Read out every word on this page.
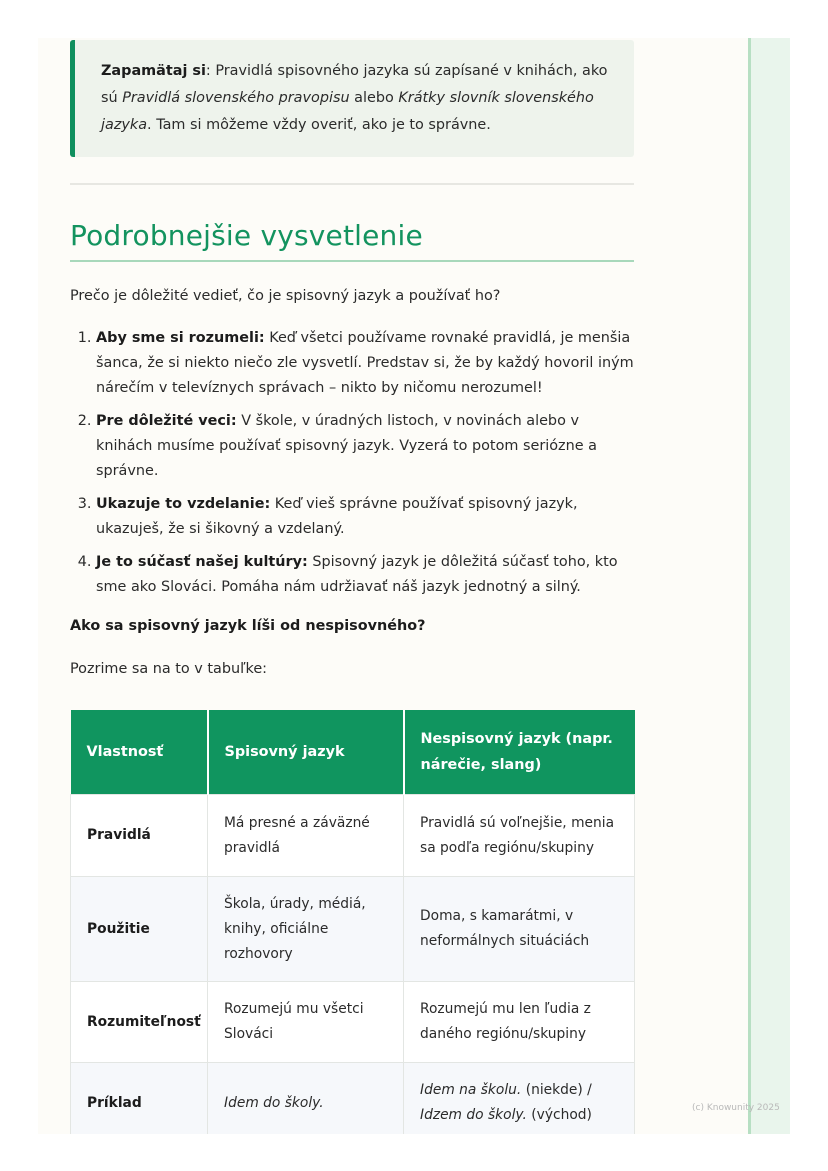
Zapamätaj si: Pravidlá spisovného jazyka sú zapísané v knihách, ako sú Pravidlá slovenského pravopisu alebo Krátky slovník slovenského jazyka. Tam si môžeme vždy overiť, ako je to správne.
Podrobnejšie vysvetlenie

Prečo je dôležité vedieť, čo je spisovný jazyk a používať ho?

1. Aby sme si rozumeli: Keď všetci používame rovnaké pravidlá, je menšia šanca, že si niekto niečo zle vysvetlí. Predstav si, že by každý hovoril iným nárečím v televíznych správach – nikto by ničomu nerozumel!
2. Pre dôležité veci: V škole, v úradných listoch, v novinách alebo v knihách musíme používať spisovný jazyk. Vyzerá to potom seriózne a správne.
3. Ukazuje to vzdelanie: Keď vieš správne používať spisovný jazyk, ukazuješ, že si šikovný a vzdelaný.
4. Je to súčasť našej kultúry: Spisovný jazyk je dôležitá súčasť toho, kto sme ako Slováci. Pomáha nám udržiavať náš jazyk jednotný a silný.

Ako sa spisovný jazyk líši od nespisovného?

Pozrime sa na to v tabuľke:

Vlastnosť	Spisovný jazyk	Nespisovný jazyk (napr. nárečie, slang)
Pravidlá	Má presné a záväzné pravidlá	Pravidlá sú voľnejšie, menia sa podľa regiónu/skupiny
Použitie	Škola, úrady, médiá, knihy, oficiálne rozhovory	Doma, s kamarátmi, v neformálnych situáciách
Rozumiteľnosť	Rozumejú mu všetci Slováci	Rozumejú mu len ľudia z daného regiónu/skupiny
Príklad	Idem do školy.	Idem na školu. (niekde) / Idzem do školy. (východ)
			(c) Knowunity 2025
